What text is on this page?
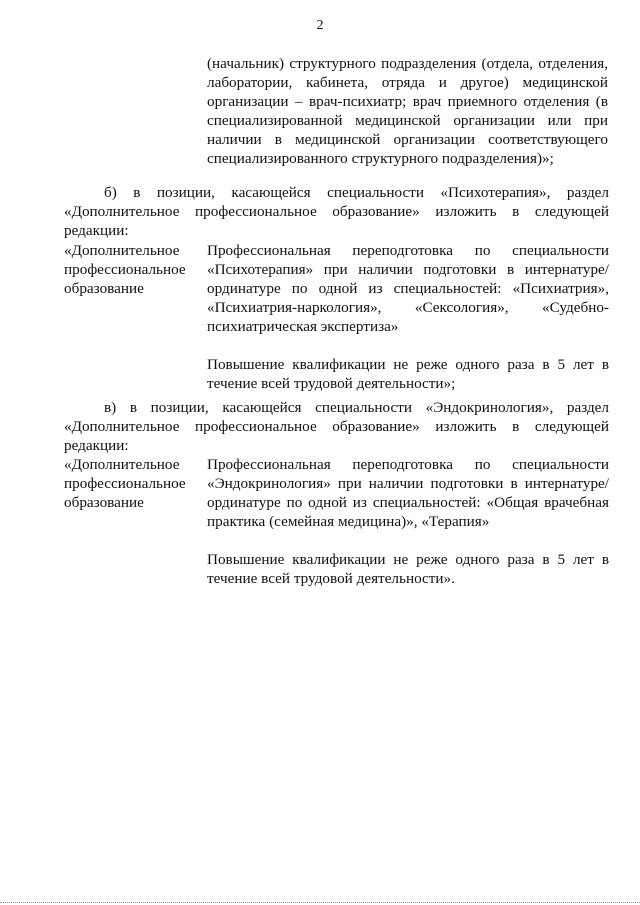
2
(начальник) структурного подразделения (отдела, отделения, лаборатории, кабинета, отряда и другое) медицинской организации – врач-психиатр; врач приемного отделения (в специализированной медицинской организации или при наличии в медицинской организации соответствующего специализированного структурного подразделения)»;
б) в позиции, касающейся специальности «Психотерапия», раздел «Дополнительное профессиональное образование» изложить в следующей редакции:
«Дополнительное профессиональное образование

Профессиональная переподготовка по специальности «Психотерапия» при наличии подготовки в интернатуре/ординатуре по одной из специальностей: «Психиатрия», «Психиатрия-наркология», «Сексология», «Судебно-психиатрическая экспертиза»

Повышение квалификации не реже одного раза в 5 лет в течение всей трудовой деятельности»;

в) в позиции, касающейся специальности «Эндокринология», раздел «Дополнительное профессиональное образование» изложить в следующей редакции:
«Дополнительное профессиональное образование

Профессиональная переподготовка по специальности «Эндокринология» при наличии подготовки в интернатуре/ординатуре по одной из специальностей: «Общая врачебная практика (семейная медицина)», «Терапия»

Повышение квалификации не реже одного раза в 5 лет в течение всей трудовой деятельности».
